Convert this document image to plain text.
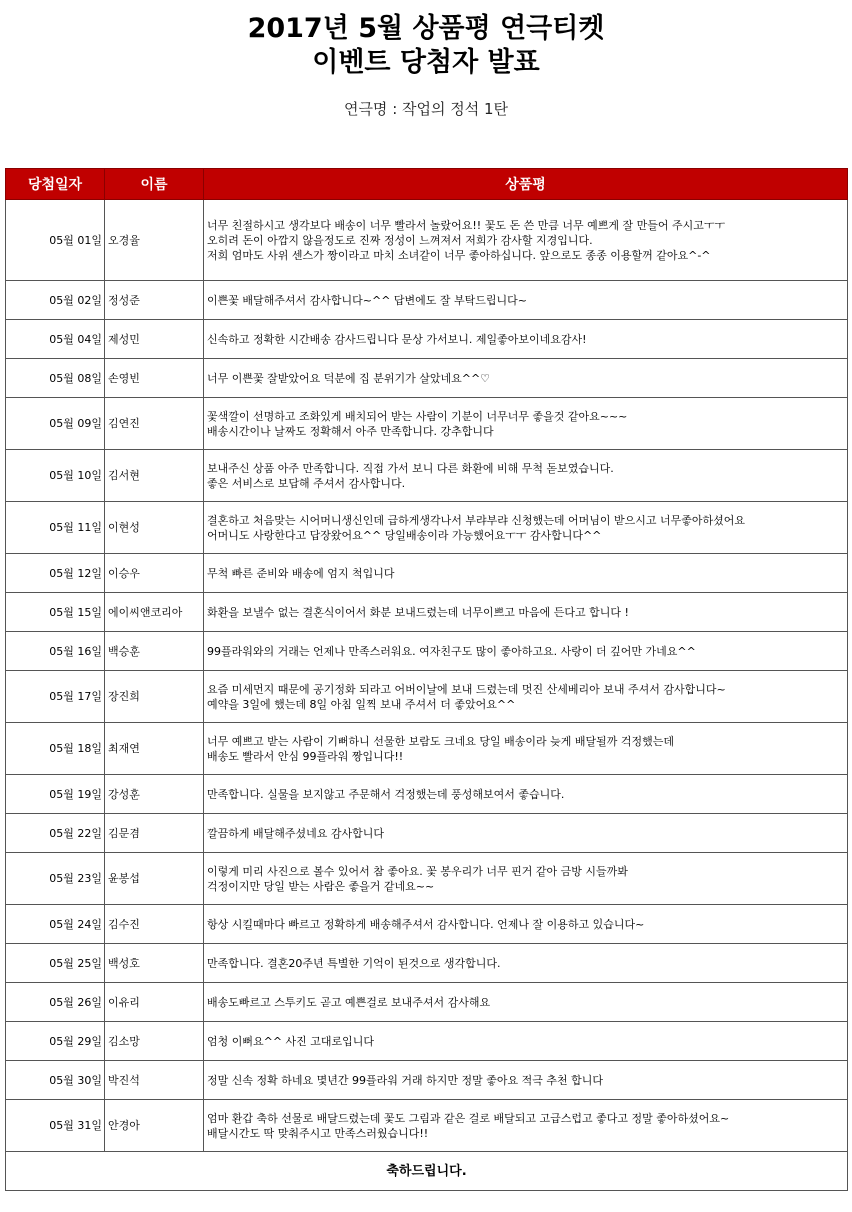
2017년 5월 상품평 연극티켓
이벤트 당첨자 발표
연극명 : 작업의 정석 1탄
당첨일자	이름	상품평
05월 01일	오경율	너무 친절하시고 생각보다 배송이 너무 빨라서 놀랐어요!! 꽃도 돈 쓴 만큼 너무 예쁘게 잘 만들어 주시고ㅜㅜ
오히려 돈이 아깝지 않을정도로 진짜 정성이 느껴져서 저희가 감사할 지경입니다.
저희 엄마도 사위 센스가 짱이라고 마치 소녀같이 너무 좋아하십니다. 앞으로도 종종 이용할꺼 같아요^-^

05월 02일	정성준	이쁜꽃 배달해주셔서 감사합니다~^^ 답변에도 잘 부탁드립니다~

05월 04일	제성민	신속하고 정확한 시간배송 감사드립니다 문상 가서보니. 제일좋아보이네요감사!

05월 08일	손영빈	너무 이쁜꽃 잘받았어요 덕분에 집 분위기가 살았네요^^♡

05월 09일	김연진	꽃색깔이 선명하고 조화있게 배치되어 받는 사람이 기분이 너무너무 좋을것 같아요~~~
배송시간이나 날짜도 정확해서 아주 만족합니다. 강추합니다

05월 10일	김서현	보내주신 상품 아주 만족합니다. 직접 가서 보니 다른 화환에 비해 무척 돋보였습니다.
좋은 서비스로 보답해 주셔서 감사합니다.

05월 11일	이현성	결혼하고 처음맞는 시어머니생신인데 급하게생각나서 부랴부랴 신청했는데 어머님이 받으시고 너무좋아하셨어요
어머니도 사랑한다고 답장왔어요^^ 당일배송이라 가능했어요ㅜㅜ 감사합니다^^

05월 12일	이승우	무척 빠른 준비와 배송에 엄지 척입니다

05월 15일	에이씨앤코리아	화환을 보낼수 없는 결혼식이어서 화분 보내드렸는데 너무이쁘고 마음에 든다고 합니다 !

05월 16일	백승훈	99플라워와의 거래는 언제나 만족스러워요. 여자친구도 많이 좋아하고요. 사랑이 더 깊어만 가네요^^

05월 17일	장진희	요즘 미세먼지 때문에 공기정화 되라고 어버이날에 보내 드렸는데 멋진 산세베리아 보내 주셔서 감사합니다~
예약을 3일에 했는데 8일 아침 일찍 보내 주셔서 더 좋았어요^^

05월 18일	최재연	너무 예쁘고 받는 사람이 기뻐하니 선물한 보람도 크네요 당일 배송이라 늦게 배달될까 걱정했는데
배송도 빨라서 안심 99플라워 짱입니다!!

05월 19일	강성훈	만족합니다. 실물을 보지않고 주문해서 걱정했는데 풍성해보여서 좋습니다.

05월 22일	김문겸	깔끔하게 배달해주셨네요 감사합니다

05월 23일	윤봉섭	이렇게 미리 사진으로 볼수 있어서 참 좋아요. 꽃 봉우리가 너무 핀거 같아 금방 시들까봐
걱정이지만 당일 받는 사람은 좋을거 같네요~~

05월 24일	김수진	항상 시킬때마다 빠르고 정확하게 배송해주셔서 감사합니다. 언제나 잘 이용하고 있습니다~

05월 25일	백성호	만족합니다. 결혼20주년 특별한 기억이 된것으로 생각합니다.

05월 26일	이유리	배송도빠르고 스투키도 곧고 예쁜걸로 보내주셔서 감사해요

05월 29일	김소망	엄청 이뻐요^^ 사진 고대로입니다

05월 30일	박진석	정말 신속 정확 하네요 몇년간 99플라워 거래 하지만 정말 좋아요 적극 추천 합니다

05월 31일	안경아	엄마 환갑 축하 선물로 배달드렸는데 꽃도 그림과 같은 걸로 배달되고 고급스럽고 좋다고 정말 좋아하셨어요~
배달시간도 딱 맞춰주시고 만족스러웠습니다!!

축하드립니다.		
